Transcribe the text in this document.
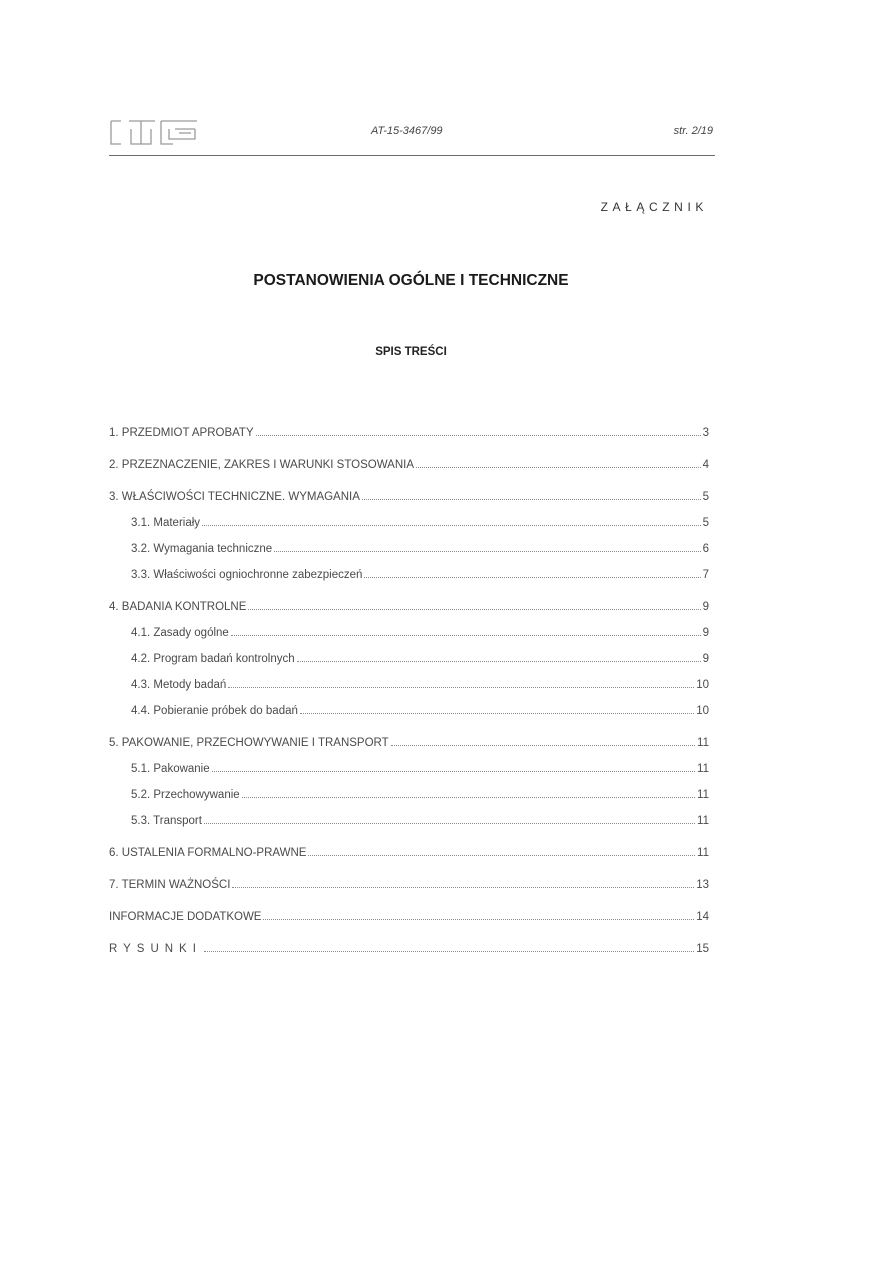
AT-15-3467/99	str. 2/19
ZAŁĄCZNIK
POSTANOWIENIA OGÓLNE I TECHNICZNE
SPIS TREŚCI
1. PRZEDMIOT APROBATY	3
2. PRZEZNACZENIE, ZAKRES I WARUNKI STOSOWANIA	4
3. WŁAŚCIWOŚCI TECHNICZNE. WYMAGANIA	5
3.1. Materiały	5
3.2. Wymagania techniczne	6
3.3. Właściwości ogniochronne zabezpieczeń	7
4. BADANIA KONTROLNE	9
4.1. Zasady ogólne	9
4.2. Program badań kontrolnych	9
4.3. Metody badań	10
4.4. Pobieranie próbek do badań	10
5. PAKOWANIE, PRZECHOWYWANIE I TRANSPORT	11
5.1. Pakowanie	11
5.2. Przechowywanie	11
5.3. Transport	11
6. USTALENIA FORMALNO-PRAWNE	11
7. TERMIN WAŻNOŚCI	13
INFORMACJE DODATKOWE	14
RYSUNKI	15
